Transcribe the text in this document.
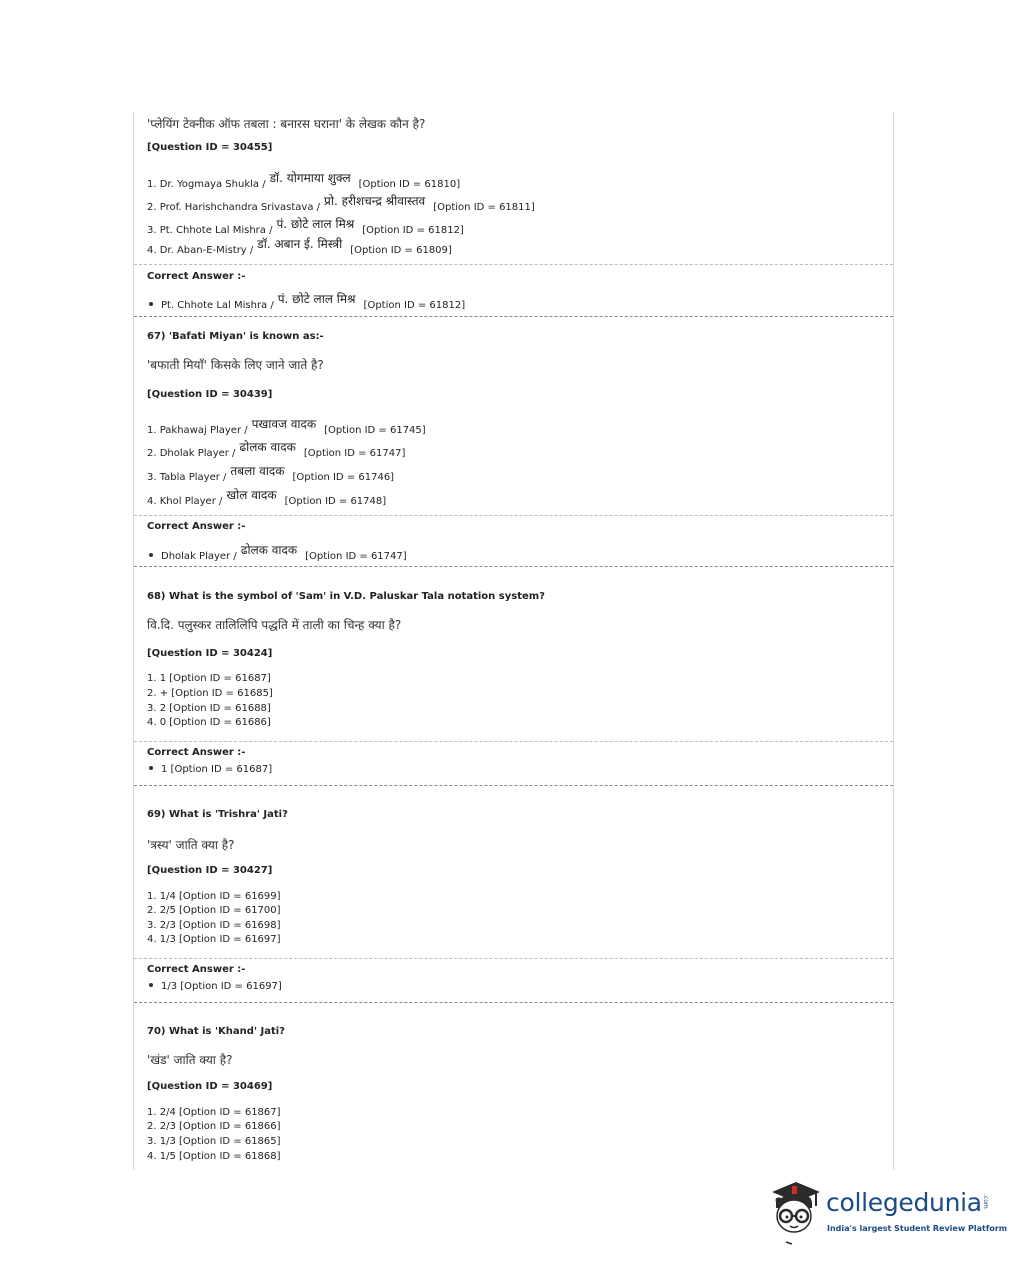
'प्लेयिंग टेक्नीक ऑफ तबला : बनारस घराना' के लेखक कौन है?
[Question ID = 30455]
1. Dr. Yogmaya Shukla / डॉ. योगमाया शुक्ल [Option ID = 61810]
2. Prof. Harishchandra Srivastava / प्रो. हरीशचन्द्र श्रीवास्तव [Option ID = 61811]
3. Pt. Chhote Lal Mishra / पं. छोटे लाल मिश्र [Option ID = 61812]
4. Dr. Aban-E-Mistry / डॉ. अबान ई. मिस्त्री [Option ID = 61809]
Correct Answer :-
Pt. Chhote Lal Mishra / पं. छोटे लाल मिश्र [Option ID = 61812]
67) 'Bafati Miyan' is known as:-
'बफाती मियाँ' किसके लिए जाने जाते है?
[Question ID = 30439]
1. Pakhawaj Player / पखावज वादक [Option ID = 61745]
2. Dholak Player / ढोलक वादक [Option ID = 61747]
3. Tabla Player / तबला वादक [Option ID = 61746]
4. Khol Player / खोल वादक [Option ID = 61748]
Correct Answer :-
Dholak Player / ढोलक वादक [Option ID = 61747]
68) What is the symbol of 'Sam' in V.D. Paluskar Tala notation system?
वि.दि. पलुस्कर तालिलिपि पद्धति में ताली का चिन्ह क्या है?
[Question ID = 30424]
1. 1 [Option ID = 61687]
2. + [Option ID = 61685]
3. 2 [Option ID = 61688]
4. 0 [Option ID = 61686]
Correct Answer :-
1 [Option ID = 61687]
69) What is 'Trishra' Jati?
'त्रस्य' जाति क्या है?
[Question ID = 30427]
1. 1/4 [Option ID = 61699]
2. 2/5 [Option ID = 61700]
3. 2/3 [Option ID = 61698]
4. 1/3 [Option ID = 61697]
Correct Answer :-
1/3 [Option ID = 61697]
70) What is 'Khand' Jati?
'खंड' जाति क्या है?
[Question ID = 30469]
1. 2/4 [Option ID = 61867]
2. 2/3 [Option ID = 61866]
3. 1/3 [Option ID = 61865]
4. 1/5 [Option ID = 61868]
collegedunia .com
India's largest Student Review Platform
